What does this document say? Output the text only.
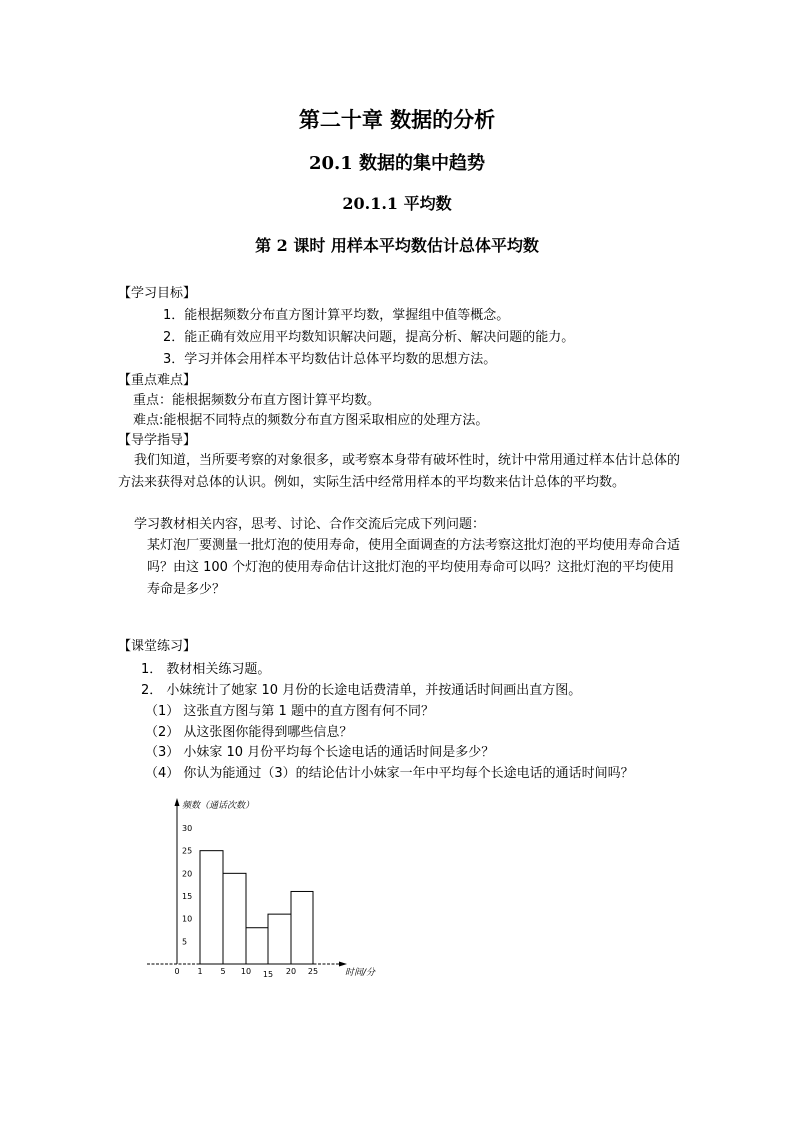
第二十章 数据的分析
20.1 数据的集中趋势
20.1.1 平均数
第 2 课时 用样本平均数估计总体平均数
【学习目标】
1．能根据频数分布直方图计算平均数，掌握组中值等概念。
2．能正确有效应用平均数知识解决问题，提高分析、解决问题的能力。
3．学习并体会用样本平均数估计总体平均数的思想方法。
【重点难点】
重点：能根据频数分布直方图计算平均数。
难点:能根据不同特点的频数分布直方图采取相应的处理方法。
【导学指导】
我们知道，当所要考察的对象很多，或考察本身带有破坏性时，统计中常用通过样本估计总体的方法来获得对总体的认识。例如，实际生活中经常用样本的平均数来估计总体的平均数。
学习教材相关内容，思考、讨论、合作交流后完成下列问题：
某灯泡厂要测量一批灯泡的使用寿命，使用全面调查的方法考察这批灯泡的平均使用寿命合适吗？由这 100 个灯泡的使用寿命估计这批灯泡的平均使用寿命可以吗？这批灯泡的平均使用寿命是多少？
【课堂练习】
1． 教材相关练习题。
2． 小妹统计了她家 10 月份的长途电话费清单，并按通话时间画出直方图。
（1） 这张直方图与第 1 题中的直方图有何不同？
（2） 从这张图你能得到哪些信息？
（3） 小妹家 10 月份平均每个长途电话的通话时间是多少？
（4） 你认为能通过（3）的结论估计小妹家一年中平均每个长途电话的通话时间吗？
频数（通话次数）
时间/分
5
10
15
20
25
30
0 1 5 10 15 20 25
